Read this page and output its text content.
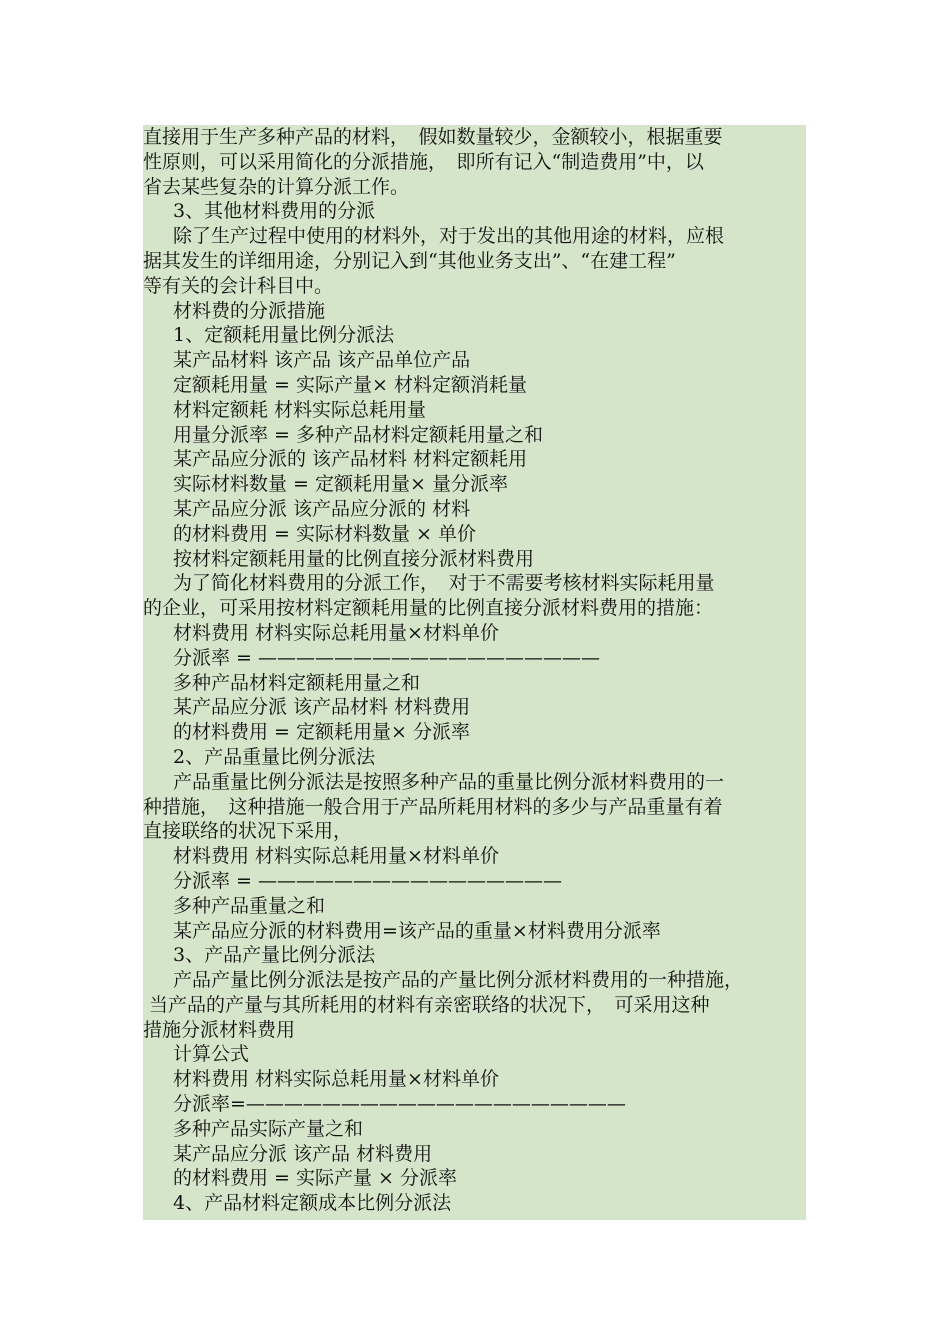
直接用于生产多种产品的材料，　假如数量较少，金额较小，根据重要
性原则，可以采用简化的分派措施，　即所有记入“制造费用”中，以
省去某些复杂的计算分派工作。
3、其他材料费用的分派
除了生产过程中使用的材料外，对于发出的其他用途的材料，应根
据其发生的详细用途，分别记入到“其他业务支出”、“在建工程”
等有关的会计科目中。
材料费的分派措施
1、定额耗用量比例分派法
某产品材料 该产品 该产品单位产品
定额耗用量 = 实际产量× 材料定额消耗量
材料定额耗 材料实际总耗用量
用量分派率 = 多种产品材料定额耗用量之和
某产品应分派的 该产品材料 材料定额耗用
实际材料数量 = 定额耗用量× 量分派率
某产品应分派 该产品应分派的 材料
的材料费用 = 实际材料数量 × 单价
按材料定额耗用量的比例直接分派材料费用
为了简化材料费用的分派工作，　对于不需要考核材料实际耗用量
的企业，可采用按材料定额耗用量的比例直接分派材料费用的措施：
材料费用 材料实际总耗用量×材料单价
分派率 = ——————————————————
多种产品材料定额耗用量之和
某产品应分派 该产品材料 材料费用
的材料费用 = 定额耗用量× 分派率
2、产品重量比例分派法
产品重量比例分派法是按照多种产品的重量比例分派材料费用的一
种措施，　这种措施一般合用于产品所耗用材料的多少与产品重量有着
直接联络的状况下采用，
材料费用 材料实际总耗用量×材料单价
分派率 = ————————————————
多种产品重量之和
某产品应分派的材料费用=该产品的重量×材料费用分派率
3、产品产量比例分派法
产品产量比例分派法是按产品的产量比例分派材料费用的一种措施，
当产品的产量与其所耗用的材料有亲密联络的状况下，　可采用这种
措施分派材料费用
计算公式
材料费用 材料实际总耗用量×材料单价
分派率=————————————————————
多种产品实际产量之和
某产品应分派 该产品 材料费用
的材料费用 = 实际产量 × 分派率
4、产品材料定额成本比例分派法
